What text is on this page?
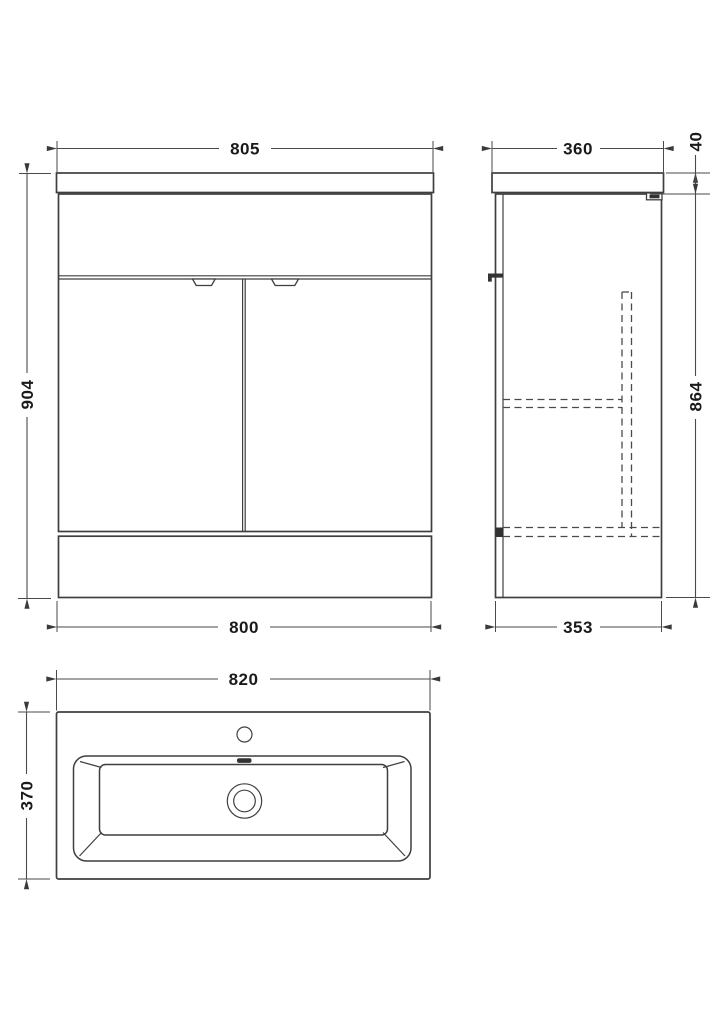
805
904
800
360	40
864
353
820
370
